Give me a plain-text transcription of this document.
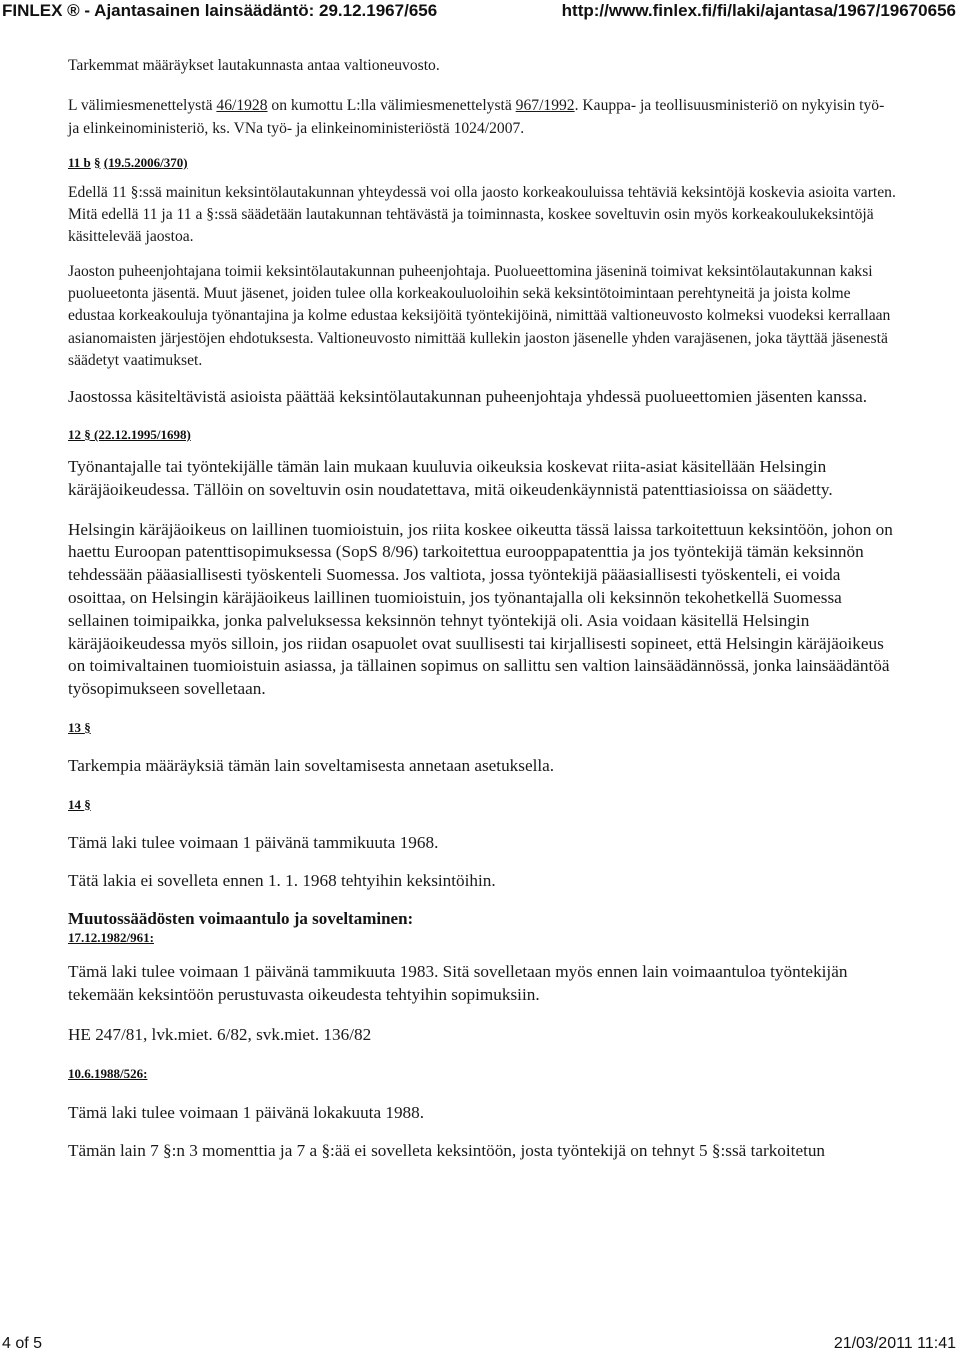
FINLEX ® - Ajantasainen lainsäädäntö: 29.12.1967/656	http://www.finlex.fi/fi/laki/ajantasa/1967/19670656

Tarkemmat määräykset lautakunnasta antaa valtioneuvosto.

L välimiesmenettelystä 46/1928 on kumottu L:lla välimiesmenettelystä 967/1992. Kauppa- ja teollisuusministeriö on nykyisin työ- ja elinkeinoministeriö, ks. VNa työ- ja elinkeinoministeriöstä 1024/2007.

11 b § (19.5.2006/370)

Edellä 11 §:ssä mainitun keksintölautakunnan yhteydessä voi olla jaosto korkeakouluissa tehtäviä keksintöjä koskevia asioita varten. Mitä edellä 11 ja 11 a §:ssä säädetään lautakunnan tehtävästä ja toiminnasta, koskee soveltuvin osin myös korkeakoulukeksintöjä käsittelevää jaostoa.

Jaoston puheenjohtajana toimii keksintölautakunnan puheenjohtaja. Puolueettomina jäseninä toimivat keksintölautakunnan kaksi puolueetonta jäsentä. Muut jäsenet, joiden tulee olla korkeakouluoloihin sekä keksintötoimintaan perehtyneitä ja joista kolme edustaa korkeakouluja työnantajina ja kolme edustaa keksijöitä työntekijöinä, nimittää valtioneuvosto kolmeksi vuodeksi kerrallaan asianomaisten järjestöjen ehdotuksesta. Valtioneuvosto nimittää kullekin jaoston jäsenelle yhden varajäsenen, joka täyttää jäsenestä säädetyt vaatimukset.

Jaostossa käsiteltävistä asioista päättää keksintölautakunnan puheenjohtaja yhdessä puolueettomien jäsenten kanssa.

12 § (22.12.1995/1698)

Työnantajalle tai työntekijälle tämän lain mukaan kuuluvia oikeuksia koskevat riita-asiat käsitellään Helsingin käräjäoikeudessa. Tällöin on soveltuvin osin noudatettava, mitä oikeudenkäynnistä patenttiasioissa on säädetty.

Helsingin käräjäoikeus on laillinen tuomioistuin, jos riita koskee oikeutta tässä laissa tarkoitettuun keksintöön, johon on haettu Euroopan patenttisopimuksessa (SopS 8/96) tarkoitettua eurooppapatenttia ja jos työntekijä tämän keksinnön tehdessään pääasiallisesti työskenteli Suomessa. Jos valtiota, jossa työntekijä pääasiallisesti työskenteli, ei voida osoittaa, on Helsingin käräjäoikeus laillinen tuomioistuin, jos työnantajalla oli keksinnön tekohetkellä Suomessa sellainen toimipaikka, jonka palveluksessa keksinnön tehnyt työntekijä oli. Asia voidaan käsitellä Helsingin käräjäoikeudessa myös silloin, jos riidan osapuolet ovat suullisesti tai kirjallisesti sopineet, että Helsingin käräjäoikeus on toimivaltainen tuomioistuin asiassa, ja tällainen sopimus on sallittu sen valtion lainsäädännössä, jonka lainsäädäntöä työsopimukseen sovelletaan.

13 §

Tarkempia määräyksiä tämän lain soveltamisesta annetaan asetuksella.

14 §

Tämä laki tulee voimaan 1 päivänä tammikuuta 1968.

Tätä lakia ei sovelleta ennen 1. 1. 1968 tehtyihin keksintöihin.

Muutossäädösten voimaantulo ja soveltaminen:

17.12.1982/961:

Tämä laki tulee voimaan 1 päivänä tammikuuta 1983. Sitä sovelletaan myös ennen lain voimaantuloa työntekijän tekemään keksintöön perustuvasta oikeudesta tehtyihin sopimuksiin.

HE 247/81, lvk.miet. 6/82, svk.miet. 136/82

10.6.1988/526:

Tämä laki tulee voimaan 1 päivänä lokakuuta 1988.

Tämän lain 7 §:n 3 momenttia ja 7 a §:ää ei sovelleta keksintöön, josta työntekijä on tehnyt 5 §:ssä tarkoitetun

4 of 5	21/03/2011 11:41
